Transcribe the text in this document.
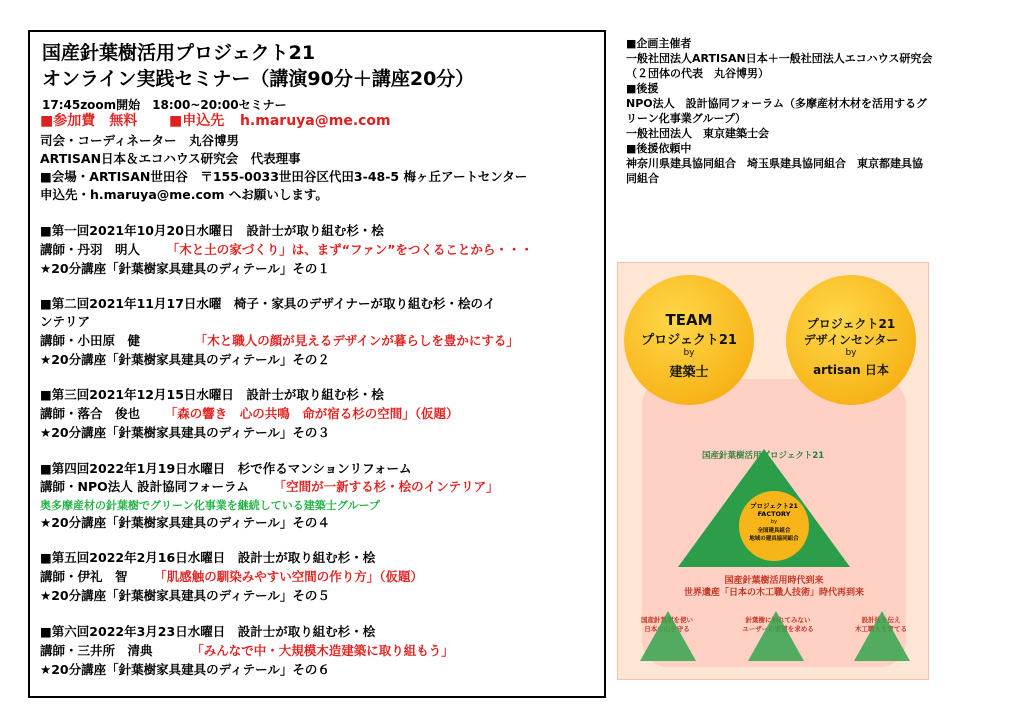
国産針葉樹活用プロジェクト21
オンライン実践セミナー（講演90分＋講座20分）
17:45zoom開始　18:00~20:00セミナー
■参加費　無料 ■申込先 h.maruya@me.com
司会・コーディネーター　丸谷博男
ARTISAN日本＆エコハウス研究会　代表理事
■会場・ARTISAN世田谷　〒155-0033世田谷区代田3-48-5 梅ヶ丘アートセンター
申込先・h.maruya@me.com へお願いします。
■第一回2021年10月20日水曜日　設計士が取り組む杉・桧
講師・丹羽　明人 「木と土の家づくり」は、まず“ファン”をつくることから・・・
★20分講座「針葉樹家具建具のディテール」その１
■第二回2021年11月17日水曜　椅子・家具のデザイナーが取り組む杉・桧のイ
ンテリア
講師・小田原　健	「木と職人の顔が見えるデザインが暮らしを豊かにする」
★20分講座「針葉樹家具建具のディテール」その２
■第三回2021年12月15日水曜日　設計士が取り組む杉・桧
講師・落合　俊也 「森の響き　心の共鳴　命が宿る杉の空間」（仮題）
★20分講座「針葉樹家具建具のディテール」その３
■第四回2022年1月19日水曜日　杉で作るマンションリフォーム
講師・NPO法人 設計協同フォーラム 「空間が一新する杉・桧のインテリア」
奥多摩産材の針葉樹でグリーン化事業を継続している建築士グループ
★20分講座「針葉樹家具建具のディテール」その４
■第五回2022年2月16日水曜日　設計士が取り組む杉・桧
講師・伊礼　智 「肌感触の馴染みやすい空間の作り方」（仮題）
★20分講座「針葉樹家具建具のディテール」その５
■第六回2022年3月23日水曜日　設計士が取り組む杉・桧
講師・三井所　清典	「みんなで中・大規模木造建築に取り組もう」
★20分講座「針葉樹家具建具のディテール」その６
■企画主催者
一般社団法人ARTISAN日本＋一般社団法人エコハウス研究会
（２団体の代表　丸谷博男）
■後援
NPO法人　設計協同フォーラム（多摩産材木材を活用するグ
リーン化事業グループ）
一般社団法人　東京建築士会
■後援依頼中
神奈川県建具協同組合　埼玉県建具協同組合　東京都建具協
同組合
TEAM
プロジェクト21
by
建築士
プロジェクト21
デザインセンター
by
artisan 日本
国産針葉樹活用プロジェクト21
プロジェクト21
FACTORY
by
全国建具組合
地域の建具協同組合
国産針葉樹活用時代到来
世界遺産「日本の木工職人技術」時代再到来
国産針葉樹を使い
日本の山を守る
針葉樹に触れてみない
ユーザーの要望を求める
設計技を伝え
木工職人を育てる
